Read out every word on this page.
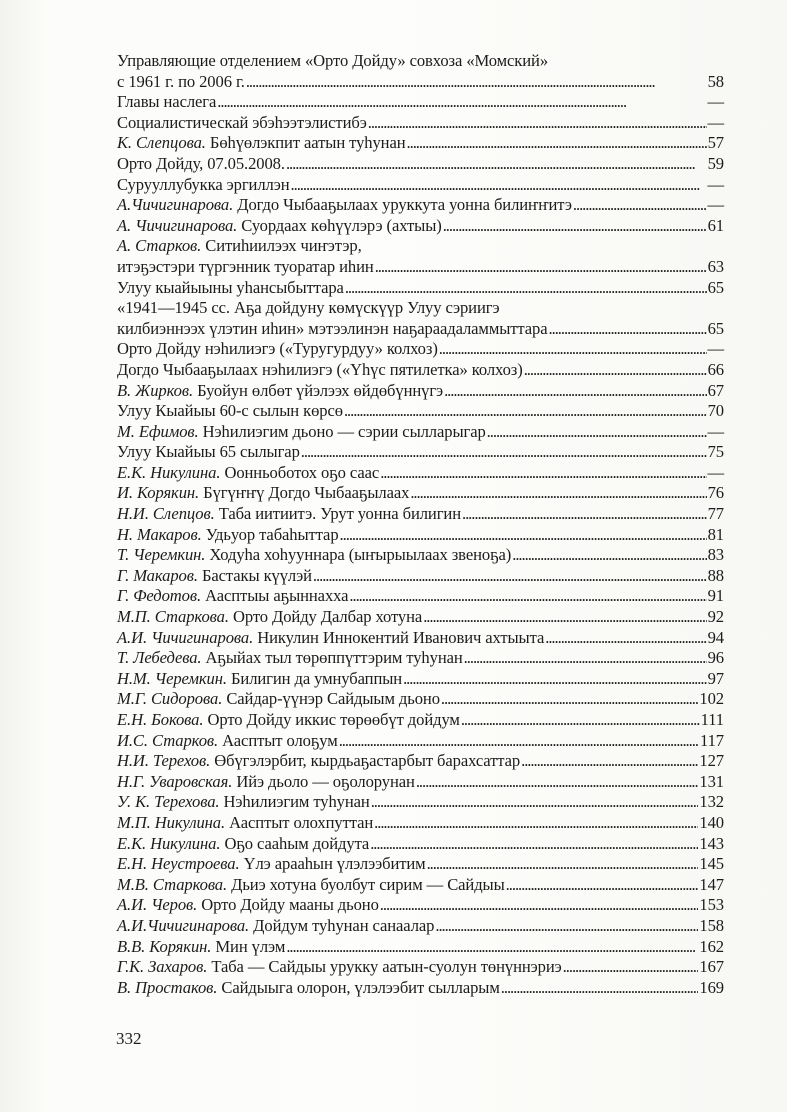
Управляющие отделением «Орто Дойду» совхоза «Момский»
с 1961 г. по 2006 г. . . .	58
Главы наслега . . .	—
Социалистическай эбэһээтэлистибэ . . .	—
К. Слепцова. Бөһүөлэкпит аатын туһунан . . .	57
Орто Дойду, 07.05.2008. . . .	59
Сурууллубукка эргиллэн . . .	—
А.Чичигинарова. Догдо Чыбааҕылаах уруккута уонна билиҥҥитэ . . .	—
А. Чичигинарова. Суордаах көһүүлэрэ (ахтыы) . . .	61
А. Старков. Ситиһиилээх чиҥэтэр,
итэҕэстэри түргэнник туоратар иһин . . .	63
Улуу кыайыыны уһансыбыттара . . .	65
«1941—1945 сс. Аҕа дойдуну көмүскүүр Улуу сэриигэ
килбиэннээх үлэтин иһин» мэтээлинэн наҕараадаламмыттара . . .	65
Орто Дойду нэһилиэгэ («Туругурдуу» колхоз) . . .	—
Догдо Чыбааҕылаах нэһилиэгэ («Үһүс пятилетка» колхоз) . . .	66
В. Жирков. Буойун өлбөт үйэлээх өйдөбүннүгэ . . .	67
Улуу Кыайыы 60-с сылын көрсө . . .	70
М. Ефимов. Нэһилиэгим дьоно — сэрии сылларыгар . . .	—
Улуу Кыайыы 65 сылыгар . . .	75
Е.К. Никулина. Оонньоботох оҕо саас . . .	—
И. Корякин. Бүгүҥҥү Догдо Чыбааҕылаах . . .	76
Н.И. Слепцов. Таба иитиитэ. Урут уонна билигин . . .	77
Н. Макаров. Удьуор табаһыттар . . .	81
Т. Черемкин. Ходуһа хоһууннара (ыҥырыылаах звеноҕа) . . .	83
Г. Макаров. Бастакы күүлэй . . .	88
Г. Федотов. Аасптыы аҕыннахха . . .	91
М.П. Старкова. Орто Дойду Далбар хотуна . . .	92
А.И. Чичигинарова. Никулин Иннокентий Иванович ахтыыта . . .	94
Т. Лебедева. Аҕыйах тыл төрөппүттэрим туһунан . . .	96
Н.М. Черемкин. Билигин да умнубаппын . . .	97
М.Г. Сидорова. Сайдар-үүнэр Сайдыым дьоно . . .	102
Е.Н. Бокова. Орто Дойду иккис төрөөбүт дойдум . . .	111
И.С. Старков. Аасптыт олоҕум . . .	117
Н.И. Терехов. Өбүгэлэрбит, кырдьаҕастарбыт барахсаттар . . .	127
Н.Г. Уваровская. Ийэ дьоло — оҕолорунан . . .	131
У. К. Терехова. Нэһилиэгим туһунан . . .	132
М.П. Никулина. Аасптыт олохпуттан . . .	140
Е.К. Никулина. Оҕо саaһым дойдута . . .	143
Е.Н. Неустроева. Үлэ арааһын үлэлээбитим . . .	145
М.В. Старкова. Дьиэ хотуна буолбут сирим — Сайдыы . . .	147
А.И. Черов. Орто Дойду мааны дьоно . . .	153
А.И.Чичигинарова. Дойдум туһунан санаалар . . .	158
В.В. Корякин. Мин үлэм . . .	162
Г.К. Захаров. Таба — Сайдыы урукку аатын-суолун төнүннэриэ . . .	167
В. Простаков. Сайдыыга олорон, үлэлээбит сылларым . . .	169
332
